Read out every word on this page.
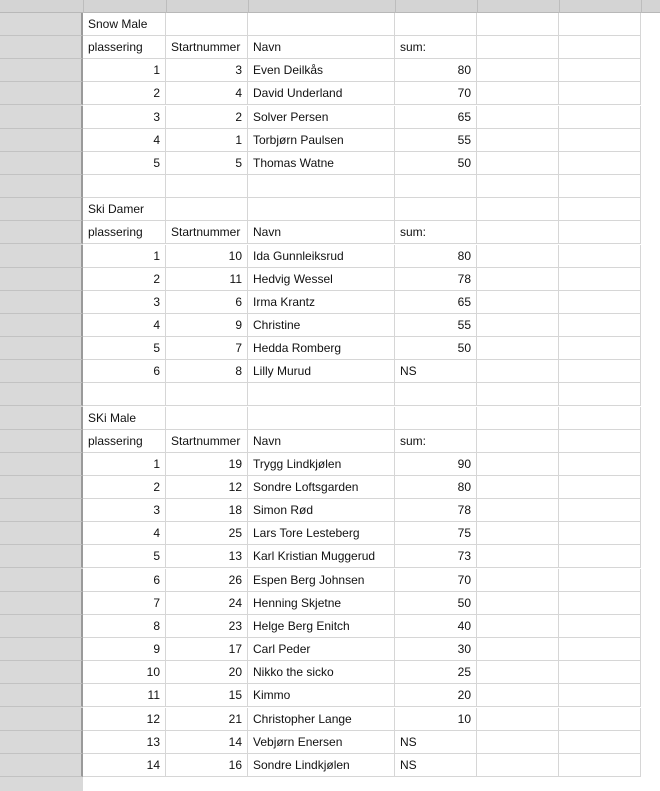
Snow Male
plassering	Startnummer	Navn	sum:
1	3 Even Deilkås	80
2	4 David Underland	70
3	2 Solver Persen	65
4	1 Torbjørn Paulsen	55
5	5 Thomas Watne	50
Ski Damer
plassering	Startnummer	Navn	sum:
1	10 Ida Gunnleiksrud	80
2	11 Hedvig Wessel	78
3	6 Irma Krantz	65
4	9 Christine	55
5	7 Hedda Romberg	50
6	8 Lilly Murud	NS
SKi Male
plassering	Startnummer	Navn	sum:
1	19 Trygg Lindkjølen	90
2	12 Sondre Loftsgarden	80
3	18 Simon Rød	78
4	25 Lars Tore Lesteberg	75
5	13 Karl Kristian Muggerud	73
6	26 Espen Berg Johnsen	70
7	24 Henning Skjetne	50
8	23 Helge Berg Enitch	40
9	17 Carl Peder	30
10	20 Nikko the sicko	25
11	15 Kimmo	20
12	21 Christopher Lange	10
13	14 Vebjørn Enersen	NS
14	16 Sondre Lindkjølen	NS
